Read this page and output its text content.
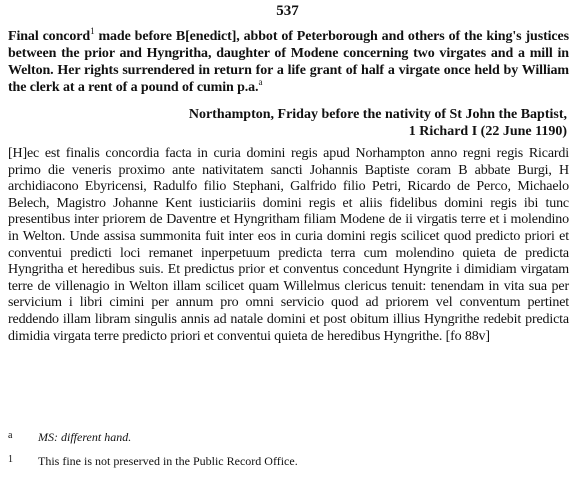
537
Final concord$^1$ made before B[enedict], abbot of Peterborough and others of the king's justices between the prior and Hyngritha, daughter of Modene concerning two virgates and a mill in Welton. Her rights surrendered in return for a life grant of half a virgate once held by William the clerk at a rent of a pound of cumin p.a.$^a$
Northampton, Friday before the nativity of St John the Baptist,
1 Richard I (22 June 1190)
[H]ec est finalis concordia facta in curia domini regis apud Norhampton anno regni regis Ricardi primo die veneris proximo ante nativitatem sancti Johannis Baptiste coram B abbate Burgi, H archidiacono Ebyricensi, Radulfo filio Stephani, Galfrido filio Petri, Ricardo de Perco, Michaelo Belech, Magistro Johanne Kent iusticiariis domini regis et aliis fidelibus domini regis ibi tunc presentibus inter priorem de Daventre et Hyngritham filiam Modene de ii virgatis terre et i molendino in Welton. Unde assisa summonita fuit inter eos in curia domini regis scilicet quod predicto priori et conventui predicti loci remanet inperpetuum predicta terra cum molendino quieta de predicta Hyngritha et heredibus suis. Et predictus prior et conventus concedunt Hyngrite i dimidiam virgatam terre de villenagio in Welton illam scilicet quam Willelmus clericus tenuit: tenendam in vita sua per servicium i libri cimini per annum pro omni servicio quod ad priorem vel conventum pertinet reddendo illam libram singulis annis ad natale domini et post obitum illius Hyngrithe redebit predicta dimidia virgata terre predicto priori et conventui quieta de heredibus Hyngrithe. [fo 88v]
a MS: different hand.
1 This fine is not preserved in the Public Record Office.
